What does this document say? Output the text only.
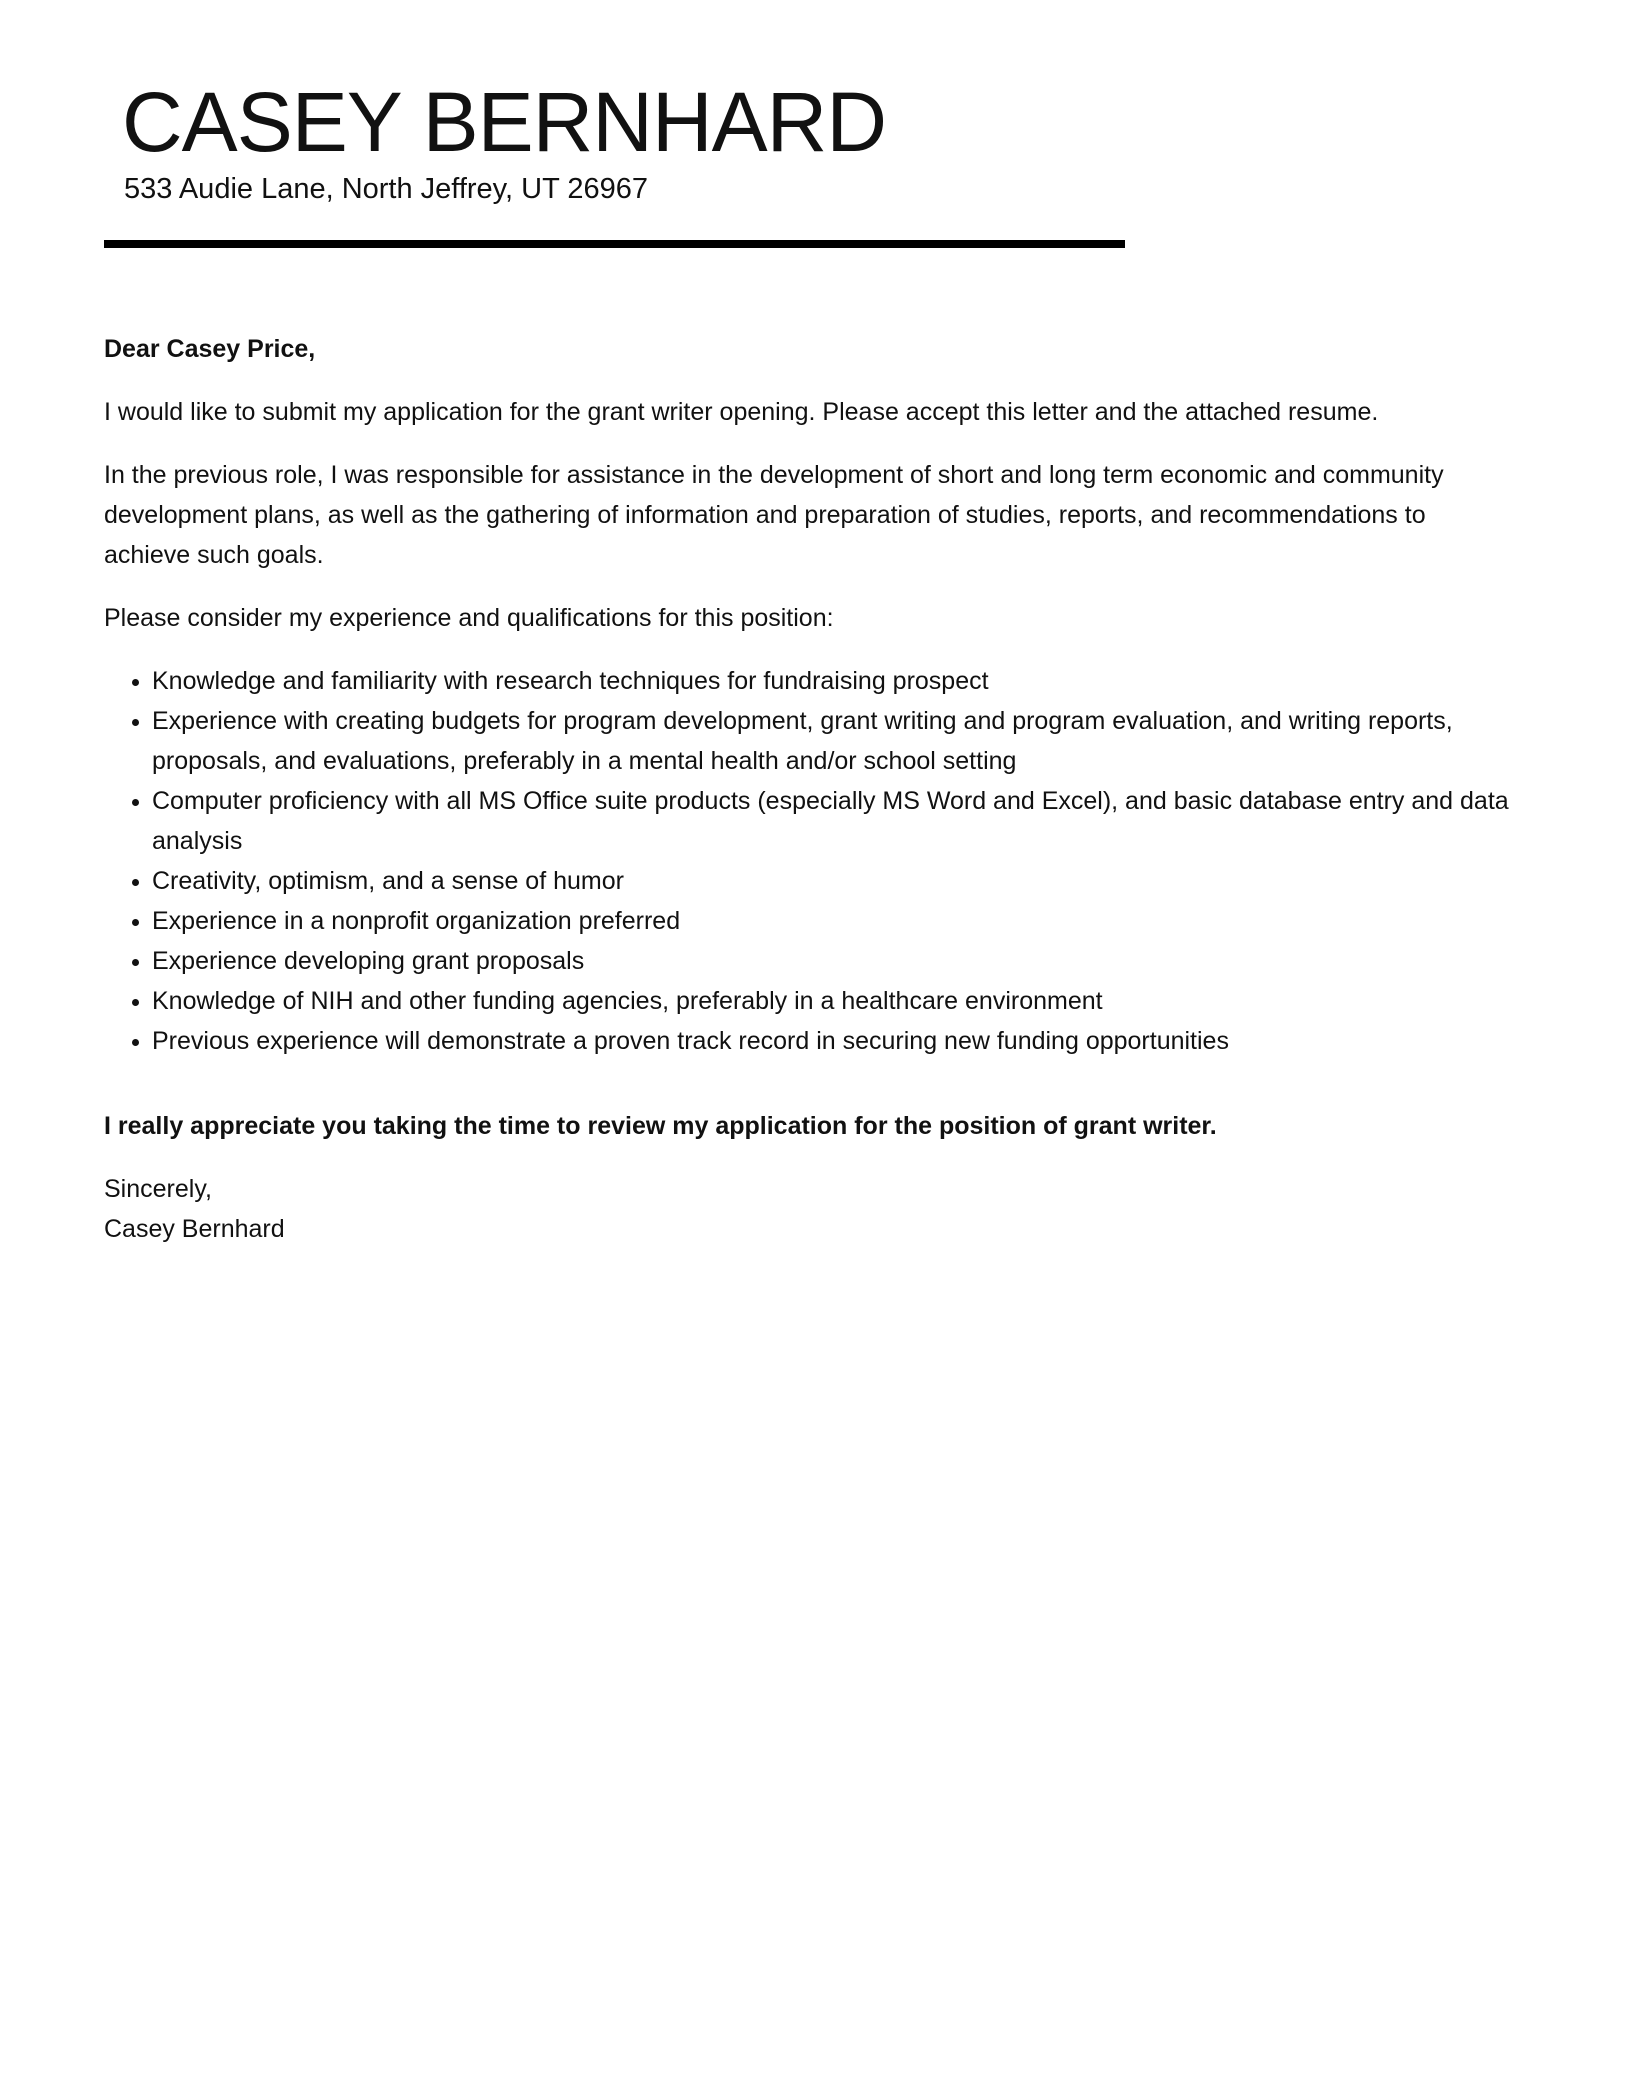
CASEY BERNHARD
533 Audie Lane, North Jeffrey, UT 26967

Dear Casey Price,

I would like to submit my application for the grant writer opening. Please accept this letter and the attached resume.

In the previous role, I was responsible for assistance in the development of short and long term economic and community development plans, as well as the gathering of information and preparation of studies, reports, and recommendations to achieve such goals.

Please consider my experience and qualifications for this position:

• Knowledge and familiarity with research techniques for fundraising prospect
• Experience with creating budgets for program development, grant writing and program evaluation, and writing reports, proposals, and evaluations, preferably in a mental health and/or school setting
• Computer proficiency with all MS Office suite products (especially MS Word and Excel), and basic database entry and data analysis
• Creativity, optimism, and a sense of humor
• Experience in a nonprofit organization preferred
• Experience developing grant proposals
• Knowledge of NIH and other funding agencies, preferably in a healthcare environment
• Previous experience will demonstrate a proven track record in securing new funding opportunities

I really appreciate you taking the time to review my application for the position of grant writer.

Sincerely,
Casey Bernhard
